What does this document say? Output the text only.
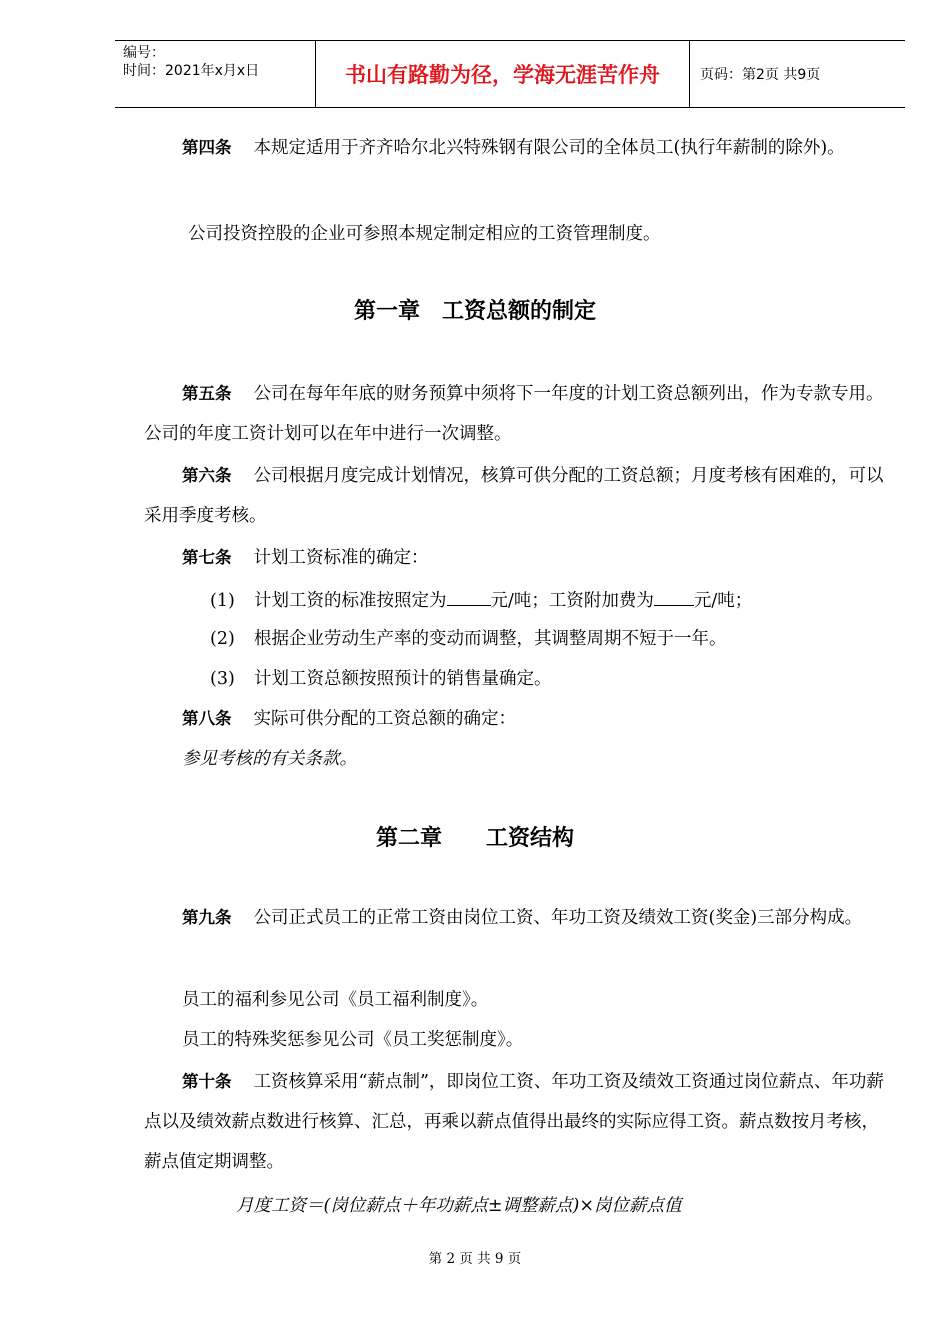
编号：
时间：2021年x月x日	书山有路勤为径，学海无涯苦作舟	页码：第2页 共9页
第四条 本规定适用于齐齐哈尔北兴特殊钢有限公司的全体员工(执行年薪制的除外)。
公司投资控股的企业可参照本规定制定相应的工资管理制度。
第一章　工资总额的制定
第五条 公司在每年年底的财务预算中须将下一年度的计划工资总额列出，作为专款专用。公司的年度工资计划可以在年中进行一次调整。
第六条 公司根据月度完成计划情况，核算可供分配的工资总额；月度考核有困难的，可以采用季度考核。
第七条 计划工资标准的确定：
(1) 计划工资的标准按照定为	元/吨；工资附加费为 元/吨；
(2) 根据企业劳动生产率的变动而调整，其调整周期不短于一年。
(3) 计划工资总额按照预计的销售量确定。
第八条 实际可供分配的工资总额的确定：
参见考核的有关条款。
第二章　　工资结构
第九条 公司正式员工的正常工资由岗位工资、年功工资及绩效工资(奖金)三部分构成。
员工的福利参见公司《员工福利制度》。
员工的特殊奖惩参见公司《员工奖惩制度》。
第十条 工资核算采用“薪点制”，即岗位工资、年功工资及绩效工资通过岗位薪点、年功薪点以及绩效薪点数进行核算、汇总，再乘以薪点值得出最终的实际应得工资。薪点数按月考核，薪点值定期调整。
月度工资＝(岗位薪点＋年功薪点±调整薪点)×岗位薪点值
第 2 页 共 9 页
